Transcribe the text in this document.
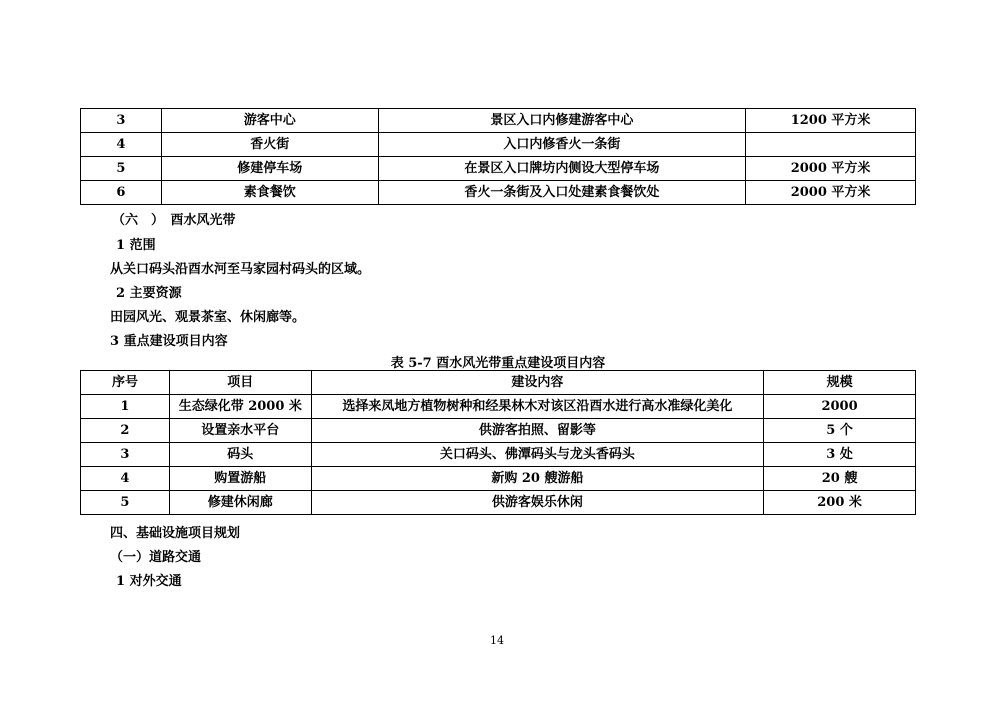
3	游客中心	景区入口内修建游客中心	1200 平方米
4	香火街	入口内修香火一条街	
5	修建停车场	在景区入口牌坊内侧设大型停车场	2000 平方米
6	素食餐饮	香火一条街及入口处建素食餐饮处	2000 平方米
（六　）　酉水风光带
1 范围
从关口码头沿酉水河至马家园村码头的区域。
2 主要资源
田园风光、观景茶室、休闲廊等。
3 重点建设项目内容
表 5-7 酉水风光带重点建设项目内容
序号	项目	建设内容	规模
1	生态绿化带 2000 米	选择来凤地方植物树种和经果林木对该区沿酉水进行高水准绿化美化	2000
2	设置亲水平台	供游客拍照、留影等	5 个
3	码头	关口码头、佛潭码头与龙头香码头	3 处
4	购置游船	新购 20 艘游船	20 艘
5	修建休闲廊	供游客娱乐休闲	200 米
四、基础设施项目规划
（一）道路交通
1 对外交通
14
